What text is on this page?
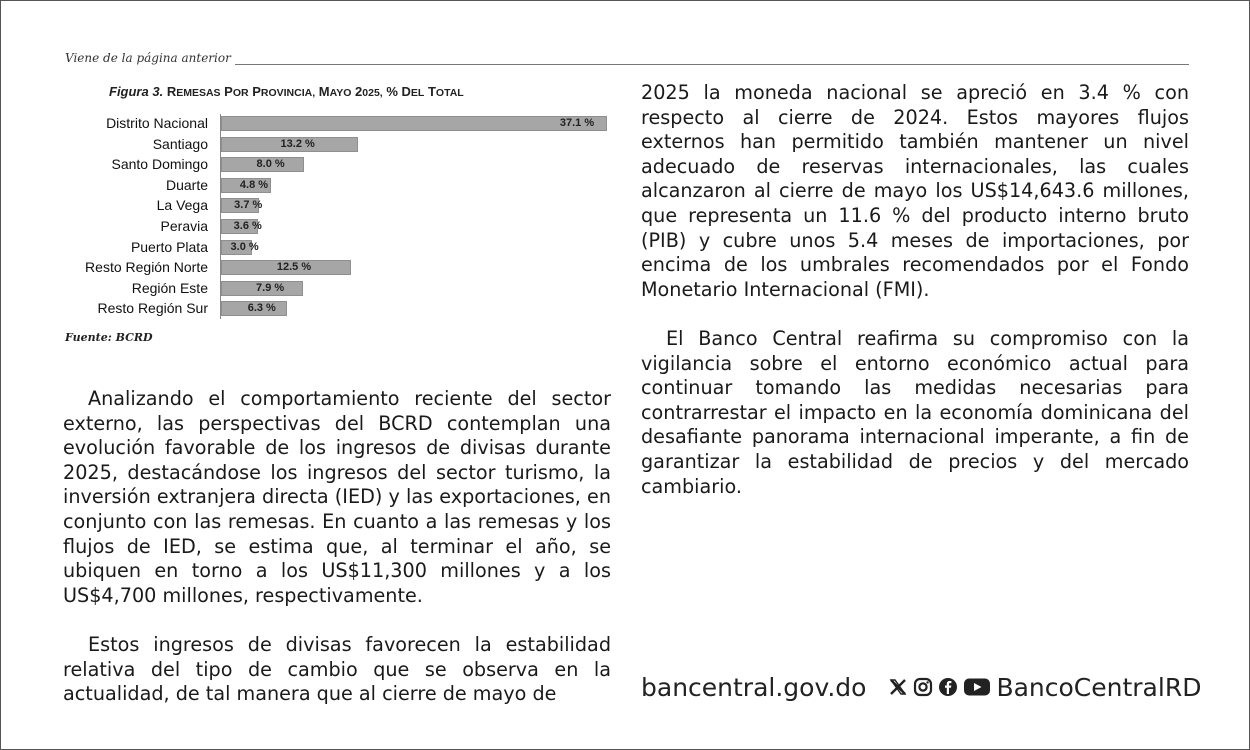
Viene de la página anterior
Figura 3. REMESAS POR PROVINCIA, MAYO 2025, % DEL TOTAL
Distrito Nacional	37.1 %
Santiago	13.2 %
Santo Domingo	8.0 %
Duarte	4.8 %
La Vega 3.7 %
Peravia 3.6 %
Puerto Plata 3.0 %
Resto Región Norte	12.5 %
Región Este	7.9 %
Resto Región Sur	6.3 %
Fuente: BCRD

Analizando el comportamiento reciente del sector externo, las perspectivas del BCRD contemplan una evolución favorable de los ingresos de divisas durante 2025, destacándose los ingresos del sector turismo, la inversión extranjera directa (IED) y las exportaciones, en conjunto con las remesas. En cuanto a las remesas y los flujos de IED, se estima que, al terminar el año, se ubiquen en torno a los US$11,300 millones y a los US$4,700 millones, respectivamente.

Estos ingresos de divisas favorecen la estabilidad relativa del tipo de cambio que se observa en la actualidad, de tal manera que al cierre de mayo de

2025 la moneda nacional se apreció en 3.4 % con respecto al cierre de 2024. Estos mayores flujos externos han permitido también mantener un nivel adecuado de reservas internacionales, las cuales alcanzaron al cierre de mayo los US$14,643.6 millones, que representa un 11.6 % del producto interno bruto (PIB) y cubre unos 5.4 meses de importaciones, por encima de los umbrales recomendados por el Fondo Monetario Internacional (FMI).

El Banco Central reafirma su compromiso con la vigilancia sobre el entorno económico actual para continuar tomando las medidas necesarias para contrarrestar el impacto en la economía dominicana del desafiante panorama internacional imperante, a fin de garantizar la estabilidad de precios y del mercado cambiario.

bancentral.gov.do	BancoCentralRD
